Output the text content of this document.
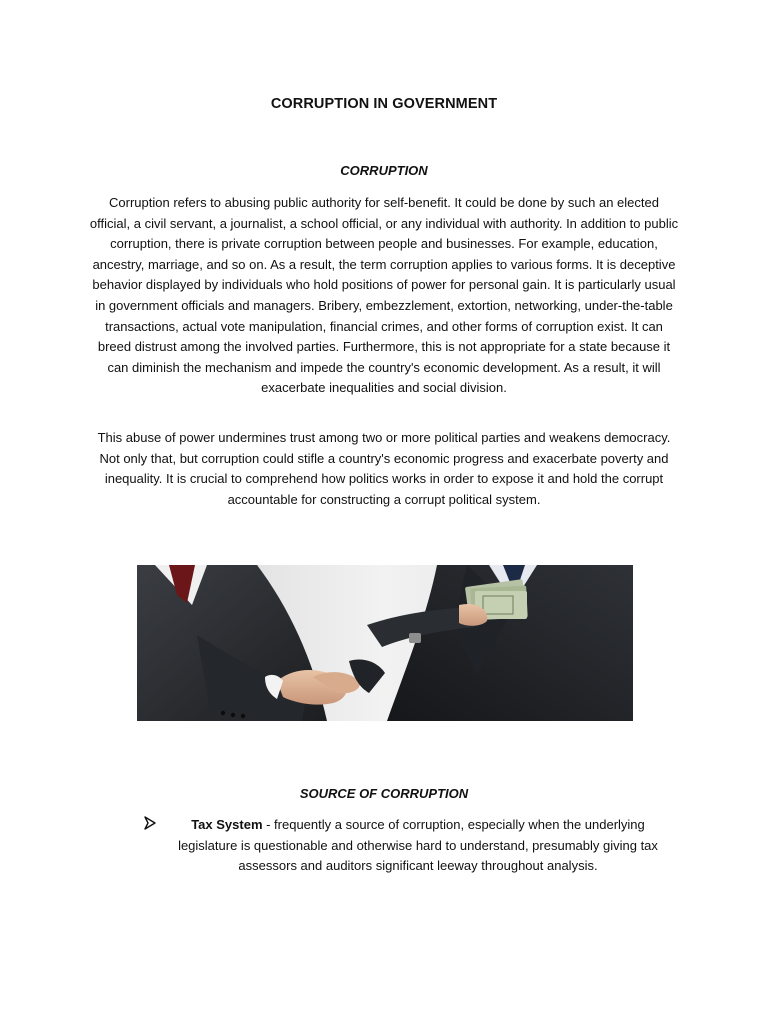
CORRUPTION IN GOVERNMENT
CORRUPTION

Corruption refers to abusing public authority for self-benefit. It could be done by such an elected official, a civil servant, a journalist, a school official, or any individual with authority. In addition to public corruption, there is private corruption between people and businesses. For example, education, ancestry, marriage, and so on. As a result, the term corruption applies to various forms. It is deceptive behavior displayed by individuals who hold positions of power for personal gain. It is particularly usual in government officials and managers. Bribery, embezzlement, extortion, networking, under-the-table transactions, actual vote manipulation, financial crimes, and other forms of corruption exist. It can breed distrust among the involved parties. Furthermore, this is not appropriate for a state because it can diminish the mechanism and impede the country's economic development. As a result, it will exacerbate inequalities and social division.

This abuse of power undermines trust among two or more political parties and weakens democracy. Not only that, but corruption could stifle a country's economic progress and exacerbate poverty and inequality. It is crucial to comprehend how politics works in order to expose it and hold the corrupt accountable for constructing a corrupt political system.

SOURCE OF CORRUPTION

Tax System - frequently a source of corruption, especially when the underlying legislature is questionable and otherwise hard to understand, presumably giving tax assessors and auditors significant leeway throughout analysis.
